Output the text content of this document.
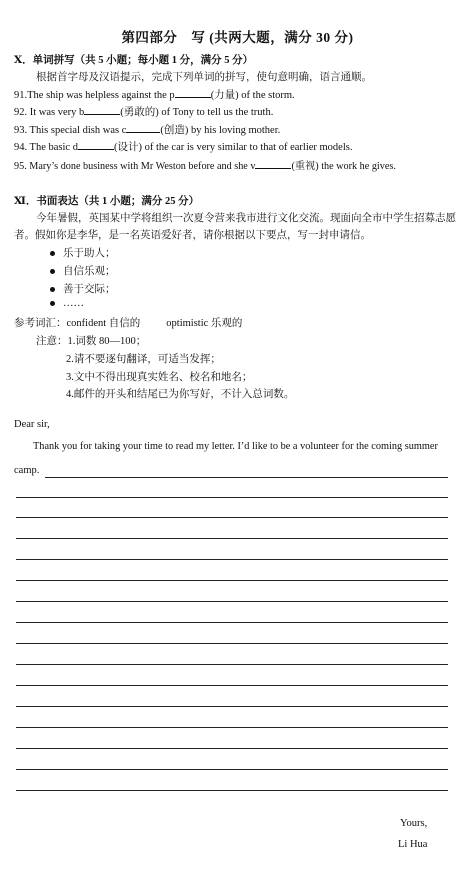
第四部分　写 (共两大题，满分 30 分)
Ⅹ．单词拼写（共 5 小题；每小题 1 分，满分 5 分）
根据首字母及汉语提示，完成下列单词的拼写，使句意明确，语言通顺。
91.The ship was helpless against the p	(力量) of the storm.
92. It was very b	(勇敢的) of Tony to tell us the truth.
93. This special dish was c	(创造) by his loving mother.
94. The basic d	(设计) of the car is very similar to that of earlier models.
95. Mary’s done business with Mr Weston before and she v	(重视) the work he gives.
Ⅺ．书面表达（共 1 小题；满分 25 分）
今年暑假，英国某中学将组织一次夏令营来我市进行文化交流。现面向全市中学生招募志愿
者。假如你是李华，是一名英语爱好者，请你根据以下要点，写一封申请信。
乐于助人；
自信乐观；
善于交际；
……
参考词汇：confident 自信的 optimistic 乐观的
注意：1.词数 80—100；
2.请不要逐句翻译，可适当发挥；
3.文中不得出现真实姓名、校名和地名；
4.邮件的开头和结尾已为你写好，不计入总词数。
Dear sir,
Thank you for taking your time to read my letter. I’d like to be a volunteer for the coming summer
camp.
Yours,
Li Hua
